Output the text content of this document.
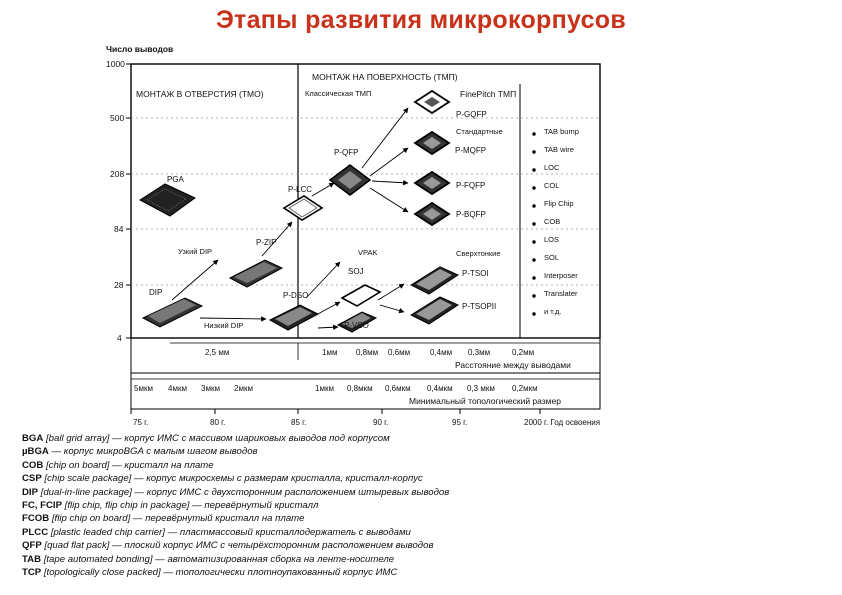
Этапы развития микрокорпусов
Число выводов
1000
500
208
84
28
4
МОНТАЖ НА ПОВЕРХНОСТЬ (ТМП)
МОНТАЖ В ОТВЕРСТИЯ (ТМО)	Классическая ТМП	FinePitch ТМП
Стандартные
Сверхтонкие
PGA
DIP
Узкий DIP
Низкий DIP
P-ZIP
P-LCC
P-DSO
P-QFP
VPAK
SOJ
P-VSO
P-GQFP
P-MQFP
P-FQFP
P-BQFP
P-TSOI
P-TSOPII
TAB bump
TAB wire
LOC
COL
Flip Chip
COB
LOS
SOL
Interposer
Translater
и т.д.
2,5 мм	1мм 0,8мм 0,6мм 0,4мм 0,3мм	0,2мм
Расстояние между выводами
5мкм 4мкм 3мкм 2мкм	1мкм 0,8мкм 0,6мкм 0,4мкм 0,3 мкм 0,2мкм
Минимальный топологический размер
75 г.	80 г.	85 г.	90 г.	95 г.	2000 г. Год освоения
BGA [ball grid array] — корпус ИМС с массивом шариковых выводов под корпусом
µBGA — корпус микроBGA с малым шагом выводов
COB [chip on board] — кристалл на плате
CSP [chip scale package] — корпус микросхемы с размерам кристалла, кристалл-корпус
DIP [dual-in-line package] — корпус ИМС с двухсторонним расположением штыревых выводов
FC, FCIP [flip chip, flip chip in package] — перевёрнутый кристалл
FCOB [flip chip on board] — перевёрнутый кристалл на плате
PLCC [plastic leaded chip carrier] — пластмассовый кристаллодержатель с выводами
QFP [quad flat pack] — плоский корпус ИМС с четырёхсторонним расположением выводов
TAB [tape automated bonding] — автоматизированная сборка на ленте-носителе
TCP [topologically close packed] — топологически плотноупакованный корпус ИМС
